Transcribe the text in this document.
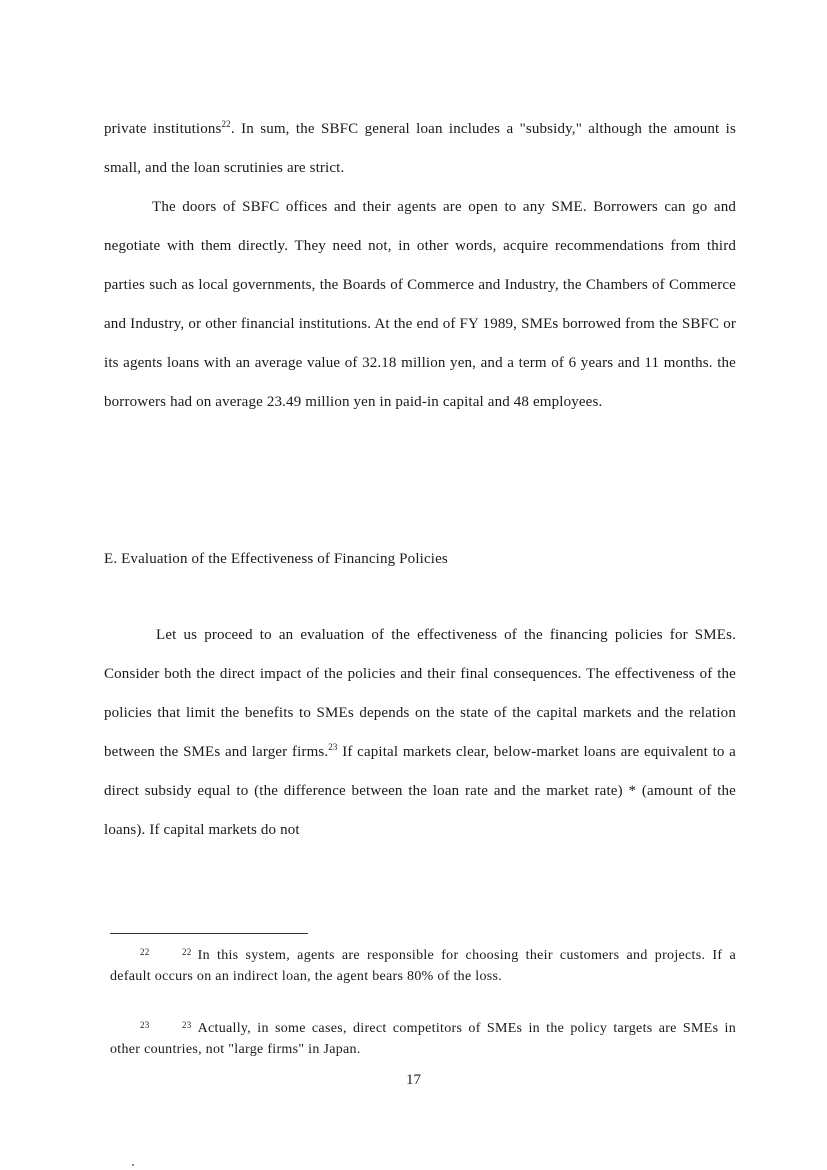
private institutions$^{22}$. In sum, the SBFC general loan includes a "subsidy," although the amount is small, and the loan scrutinies are strict.
The doors of SBFC offices and their agents are open to any SME. Borrowers can go and negotiate with them directly. They need not, in other words, acquire recommendations from third parties such as local governments, the Boards of Commerce and Industry, the Chambers of Commerce and Industry, or other financial institutions. At the end of FY 1989, SMEs borrowed from the SBFC or its agents loans with an average value of 32.18 million yen, and a term of 6 years and 11 months. the borrowers had on average 23.49 million yen in paid-in capital and 48 employees.
E. Evaluation of the Effectiveness of Financing Policies
Let us proceed to an evaluation of the effectiveness of the financing policies for SMEs. Consider both the direct impact of the policies and their final consequences. The effectiveness of the policies that limit the benefits to SMEs depends on the state of the capital markets and the relation between the SMEs and larger firms.$^{23}$ If capital markets clear, below-market loans are equivalent to a direct subsidy equal to (the difference between the loan rate and the market rate) * (amount of the loans). If capital markets do not
22	$^{22}$ In this system, agents are responsible for choosing their customers and projects. If a default occurs on an indirect loan, the agent bears 80% of the loss.
23	$^{23}$ Actually, in some cases, direct competitors of SMEs in the policy targets are SMEs in other countries, not "large firms" in Japan.
17
